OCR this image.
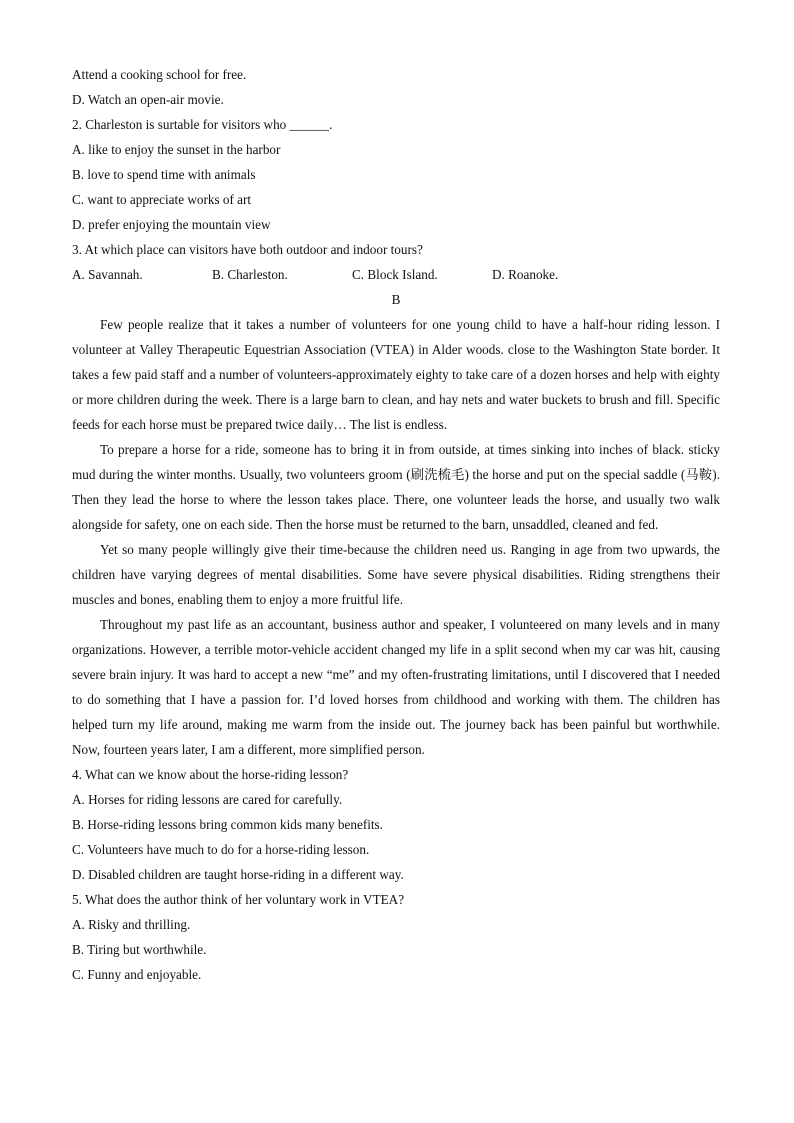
Attend a cooking school for free.
D. Watch an open-air movie.
2. Charleston is surtable for visitors who ______.
A. like to enjoy the sunset in the harbor
B. love to spend time with animals
C. want to appreciate works of art
D. prefer enjoying the mountain view
3. At which place can visitors have both outdoor and indoor tours?
A. Savannah.	B. Charleston.	C. Block Island.	D. Roanoke.
B

Few people realize that it takes a number of volunteers for one young child to have a half-hour riding lesson. I volunteer at Valley Therapeutic Equestrian Association (VTEA) in Alder woods. close to the Washington State border. It takes a few paid staff and a number of volunteers-approximately eighty to take care of a dozen horses and help with eighty or more children during the week. There is a large barn to clean, and hay nets and water buckets to brush and fill. Specific feeds for each horse must be prepared twice daily… The list is endless.

To prepare a horse for a ride, someone has to bring it in from outside, at times sinking into inches of black. sticky mud during the winter months. Usually, two volunteers groom (刷洗梳毛) the horse and put on the special saddle (马鞍). Then they lead the horse to where the lesson takes place. There, one volunteer leads the horse, and usually two walk alongside for safety, one on each side. Then the horse must be returned to the barn, unsaddled, cleaned and fed.

Yet so many people willingly give their time-because the children need us. Ranging in age from two upwards, the children have varying degrees of mental disabilities. Some have severe physical disabilities. Riding strengthens their muscles and bones, enabling them to enjoy a more fruitful life.

Throughout my past life as an accountant, business author and speaker, I volunteered on many levels and in many organizations. However, a terrible motor-vehicle accident changed my life in a split second when my car was hit, causing severe brain injury. It was hard to accept a new “me” and my often-frustrating limitations, until I discovered that I needed to do something that I have a passion for. I’d loved horses from childhood and working with them. The children has helped turn my life around, making me warm from the inside out. The journey back has been painful but worthwhile. Now, fourteen years later, I am a different, more simplified person.

4. What can we know about the horse-riding lesson?
A. Horses for riding lessons are cared for carefully.
B. Horse-riding lessons bring common kids many benefits.
C. Volunteers have much to do for a horse-riding lesson.
D. Disabled children are taught horse-riding in a different way.
5. What does the author think of her voluntary work in VTEA?
A. Risky and thrilling.
B. Tiring but worthwhile.
C. Funny and enjoyable.
